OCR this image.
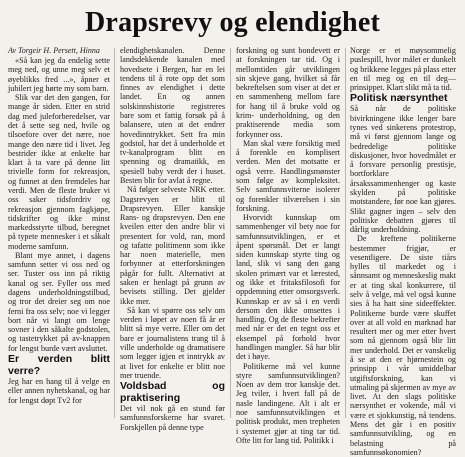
Drapsrevy og elendighet

Av Torgeir H. Persett, Hinna

«Så kan jeg da endelig sette meg ned, og unne meg selv et øyeblikks fred ...», åpner et jubilert jeg hørte my som barn.

Slik var det den gangen, for mange år siden. Etter en strid dag med juleforberedelser, var det å sette seg ned, hvile og tilsoefore over det nære, noe mange den nære tid i livet. Jeg bestrider ikke at enkelte har klart å ta vare på denne litt trivielle form for rekreasjon, og funnet at den fremdeles har verdi. Men de fleste bruker vi oss saker tidsfordriv og rekreasjon gjennom fagkjøpe, tidskrifter og ikke minst markedsstyrte tilbud, beregnet på typete mennesker i et såkalt moderne samfunn.

Blant mye annet, i dagens samfunn setter vi oss ned og ser. Tuster oss inn på riktig kanal og ser. Fyller oss med dagens underholdningstilbud, og tror det dreier seg om noe ferni fra oss selv; noe vi legger bort når vi langt om lenge sovner i den såkalte godstolen, og tastetrykket på av-knappen for lengst burde vært avsluttet.

Er verden blitt verre?

Jeg har en hang til å velge en eller annen nyhetskanal, og har for lengst døpt Tv2 for

elendighetskanalen. Denne landsdekkende kanalen med hovedsete i Bergen, har en lei tendens til å rote opp det som finnes av elendighet i dette landet. En og annen solskinnshistorie registreres bare som et fattig forsøk på å balansere, uten at det endrer hovedinntrykket. Sett fra min godstol, har det å underholde et tv-kanalprogram blitt en spenning og dramatikk, en spesiell baby verdt der i huset. Besten blir for avlat å regne.

Nå følger selveste NRK etter. Dagsrevyen er blitt til Drapsrevyen. Eller kanskje Rans- og drapsrevyen. Den ene kveilen etter den andre blir vi presentert for vold, ran, mord og tafatte politimenn som ikke har noen materielle, men forbynner at etterforskningen pågår for fullt. Alternativt at saken er henlagt på grunn av bevisets stilling. Det gjelder ikke mer.

Så kan vi spørre oss selv om verden i løpet av noen få år er blitt så mye verre. Eller om det bare er journalistens trang til å ville underholde og dramatisere som legger igjen et inntrykk av at livet for enkelte er blitt noe mer truende.

Voldsbad og praktisering

Det vil nok gå en stund før samfunnsforskerne har svaret. Forskjellen på denne type

forskning og sunt bondevett er at forskningen tar tid. Og i mellomtiden går utviklingen sin skjeve gang, hvilket så får bekreftelsen som viser at det er en sammenheng mellom fare for hang til å bruke vold og krim- underholdning, og den praktiserende media som forkynner oss.

Man skal være forsiktig med å forenkle en komplisert verden. Men det motsatte er også verre. Handlingsmønster som følge av kompleksitet. Selv samfunnsviterne isolerer og forenkler tilværelsen i sin forskning.

Hvorvidt kunnskap om sammenhenger vil bety noe for samfunnsutviklingen, er et åpent spørsmål. Det er langt siden kunnskap styrte ting og land, slik vi sang den gang skolen primært var et lærested, og ikke et fritaksfilosofi for oppdemning etter omsorgsverk. Kunnskap er av så i en verdi dersom den ikke omsettes i handling. Og de fleste bekrefter med når er det en tegnt oss et eksempel på forhold hvor handlingen mangler. Så har blir det i høye.

Politikerne må vel kunne styre samfunnsutviklingen? Noen av dem tror kanskje det. Jeg tviler, i hvert fall på de nasle landingene. Alt i alt er noe samfunnsutviklingen et politisk produkt, men trepheten i systemet gjør at ting tar tid. Ofte litt for lang tid. Politikk i

Norge er et møysommelig puslespill, hvor målet er dunkelt og brikkene legges på plass etter en til meg og en til deg—prinsippet. Klart slikt må ta tid.

Politisk nærsynthet

Så når de politiske bivirkningene ikke lenger bare tynes ved sinkerens protestrop, må vi først gjennom lange og bedredelige politiske diskusjoner, hvor hovedmålet er å forsvare personlig prestisje, bortforklare årsakssammenhenger og kaste skylden på politiske motstandere, før noe kan gjøres. Slikt gagner ingen – selv den politiske debatten gjøres til dårlig underholdning.

De kreftene politikerne bestemmer frigjør, er vesentligere. De siste tiårs hylles til markedet og i sånnsamt og menneskeslig makt er at ting skal konkurrere, til selv å velge, må vel også kunne sies å ha hatt sine sideeffekter. Politikerne burde være skuffet over at all vold en marknad har resultert mer og mer etter hvert som nå gjennom også blir litt mer underhold. Det er vanskelig å se at den er hjørnestein og prinsipp i vår umiddelbar utgiftsforskning, kan vi utmaling på skjermen av mye av livet. At den slags politiske nærsynthet er vokende, mål vi være et sjokkunstig, nå tendens. Mens det går i en positiv samfunnsutvikling, og en belastning på samfunnsøkonomien?
